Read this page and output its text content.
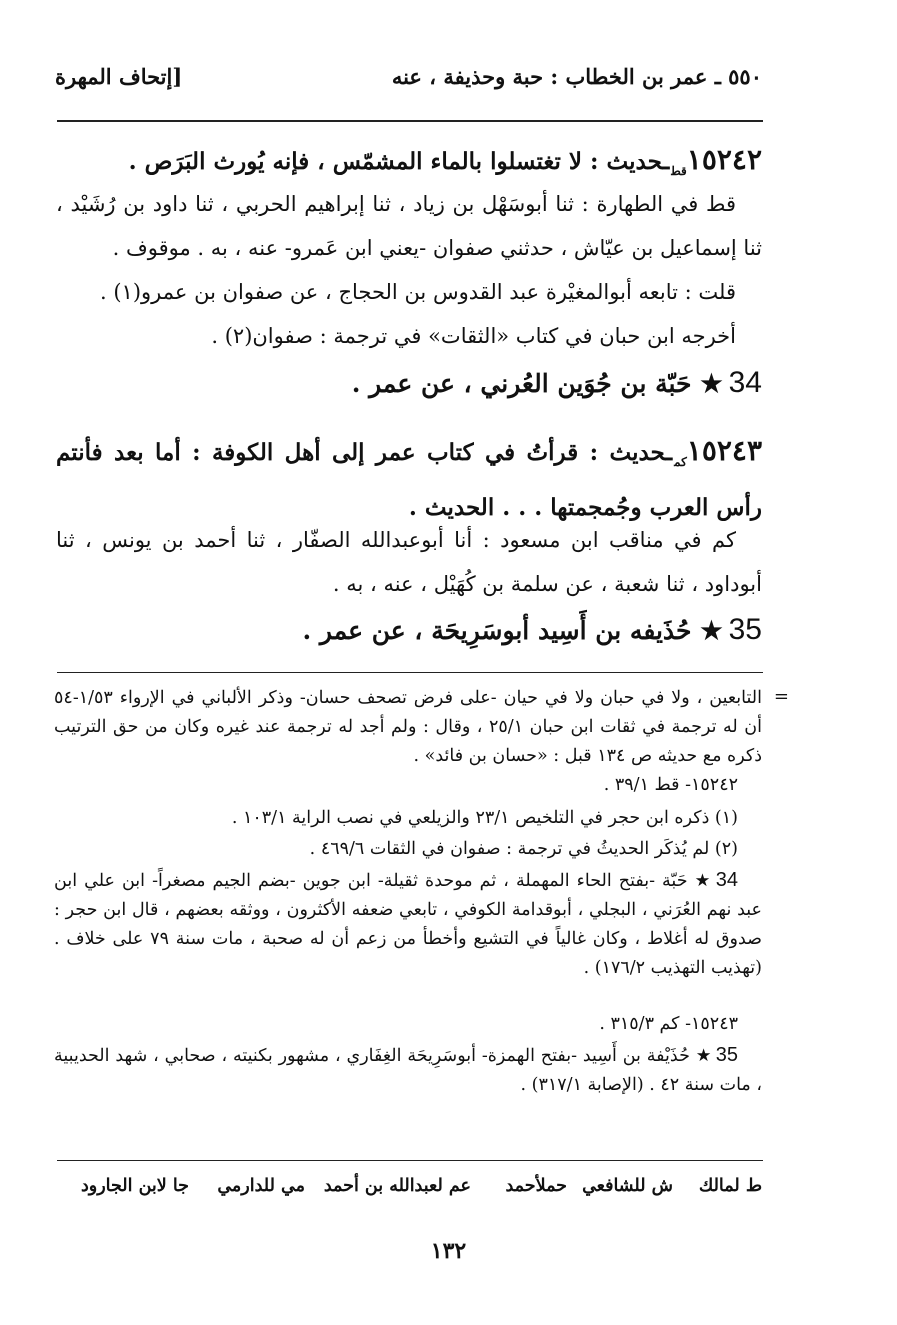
٥٥٠ ـ عمر بن الخطاب : حبة وحذيفة ، عنه
[إتحاف المهرة
$١٥٢٤٢_{قط}ـحديث$ : لا تغتسلوا بالماء المشمّس ، فإنه يُورث البَرَص .
قط في الطهارة : ثنا أبوسَهْل بن زياد ، ثنا إبراهيم الحربي ، ثنا داود بن رُشَيْد ، ثنا إسماعيل بن عيّاش ، حدثني صفوان -يعني ابن عَمرو- عنه ، به . موقوف .
قلت : تابعه أبوالمغيْرة عبد القدوس بن الحجاج ، عن صفوان بن عمرو(١) .
أخرجه ابن حبان في كتاب «الثقات» في ترجمة : صفوان(٢) .
34★ حَبّة بن جُوَين العُرني ، عن عمر .
$١٥٢٤٣_{كم}ـحديث$ : قرأتُ في كتاب عمر إلى أهل الكوفة : أما بعد فأنتم رأس العرب وجُمجمتها . . . الحديث .
كم في مناقب ابن مسعود : أنا أبوعبدالله الصفّار ، ثنا أحمد بن يونس ، ثنا أبوداود ، ثنا شعبة ، عن سلمة بن كُهَيْل ، عنه ، به .
35★ حُذَيفه بن أَسِيد أبوسَرِيحَة ، عن عمر .
=
التابعين ، ولا في حبان ولا في حيان -على فرض تصحف حسان- وذكر الألباني في الإرواء ١/٥٣-٥٤ أن له ترجمة في ثقات ابن حبان ٢٥/١ ، وقال : ولم أجد له ترجمة عند غيره وكان من حق الترتيب ذكره مع حديثه ص ١٣٤ قبل : «حسان بن فائد» .
١٥٢٤٢- قط ٣٩/١ .
(١) ذكره ابن حجر في التلخيص ٢٣/١ والزيلعي في نصب الراية ١٠٣/١ .
(٢) لم يُذكَر الحديثُ في ترجمة : صفوان في الثقات ٤٦٩/٦ .
34★ حَبّة -بفتح الحاء المهملة ، ثم موحدة ثقيلة- ابن جوين -بضم الجيم مصغراً- ابن علي ابن عبد نهم العُرَني ، البجلي ، أبوقدامة الكوفي ، تابعي ضعفه الأكثرون ، ووثقه بعضهم ، قال ابن حجر : صدوق له أغلاط ، وكان غالياً في التشيع وأخطأ من زعم أن له صحبة ، مات سنة ٧٩ على خلاف . (تهذيب التهذيب ١٧٦/٢) .
١٥٢٤٣- كم ٣١٥/٣ .
35★ حُذَيْفة بن أَسِيد -بفتح الهمزة- أبوسَرِيحَة الغِفَاري ، مشهور بكنيته ، صحابي ، شهد الحديبية ، مات سنة ٤٢ . (الإصابة ٣١٧/١) .
ط لمالك
ش للشافعي
حملأحمد
عم لعبدالله بن أحمد
مي للدارمي
جا لابن الجارود
١٣٢
